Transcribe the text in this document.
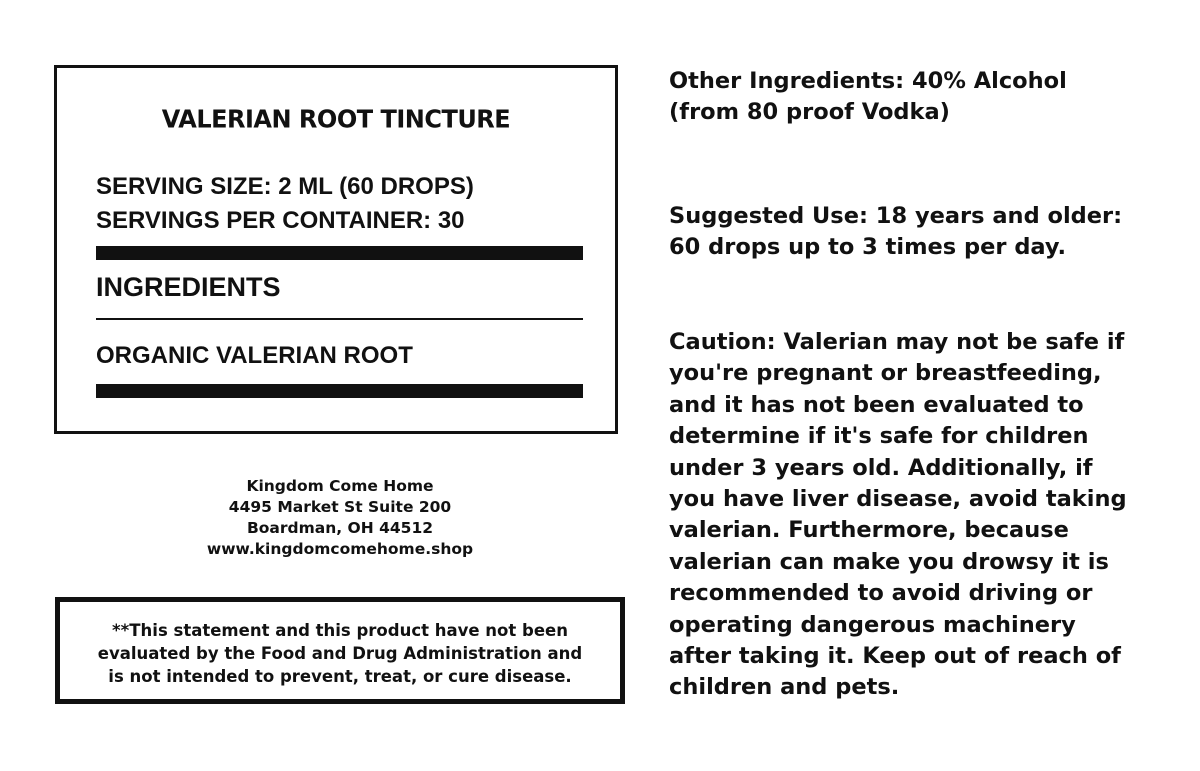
VALERIAN ROOT TINCTURE
SERVING SIZE: 2 ML (60 DROPS)
SERVINGS PER CONTAINER: 30
INGREDIENTS
ORGANIC VALERIAN ROOT
Kingdom Come Home
4495 Market St Suite 200
Boardman, OH 44512
www.kingdomcomehome.shop
**This statement and this product have not been
evaluated by the Food and Drug Administration and
is not intended to prevent, treat, or cure disease.
Other Ingredients: 40% Alcohol
(from 80 proof Vodka)
Suggested Use: 18 years and older:
60 drops up to 3 times per day.
Caution: Valerian may not be safe if
you're pregnant or breastfeeding,
and it has not been evaluated to
determine if it's safe for children
under 3 years old. Additionally, if
you have liver disease, avoid taking
valerian. Furthermore, because
valerian can make you drowsy it is
recommended to avoid driving or
operating dangerous machinery
after taking it. Keep out of reach of
children and pets.
